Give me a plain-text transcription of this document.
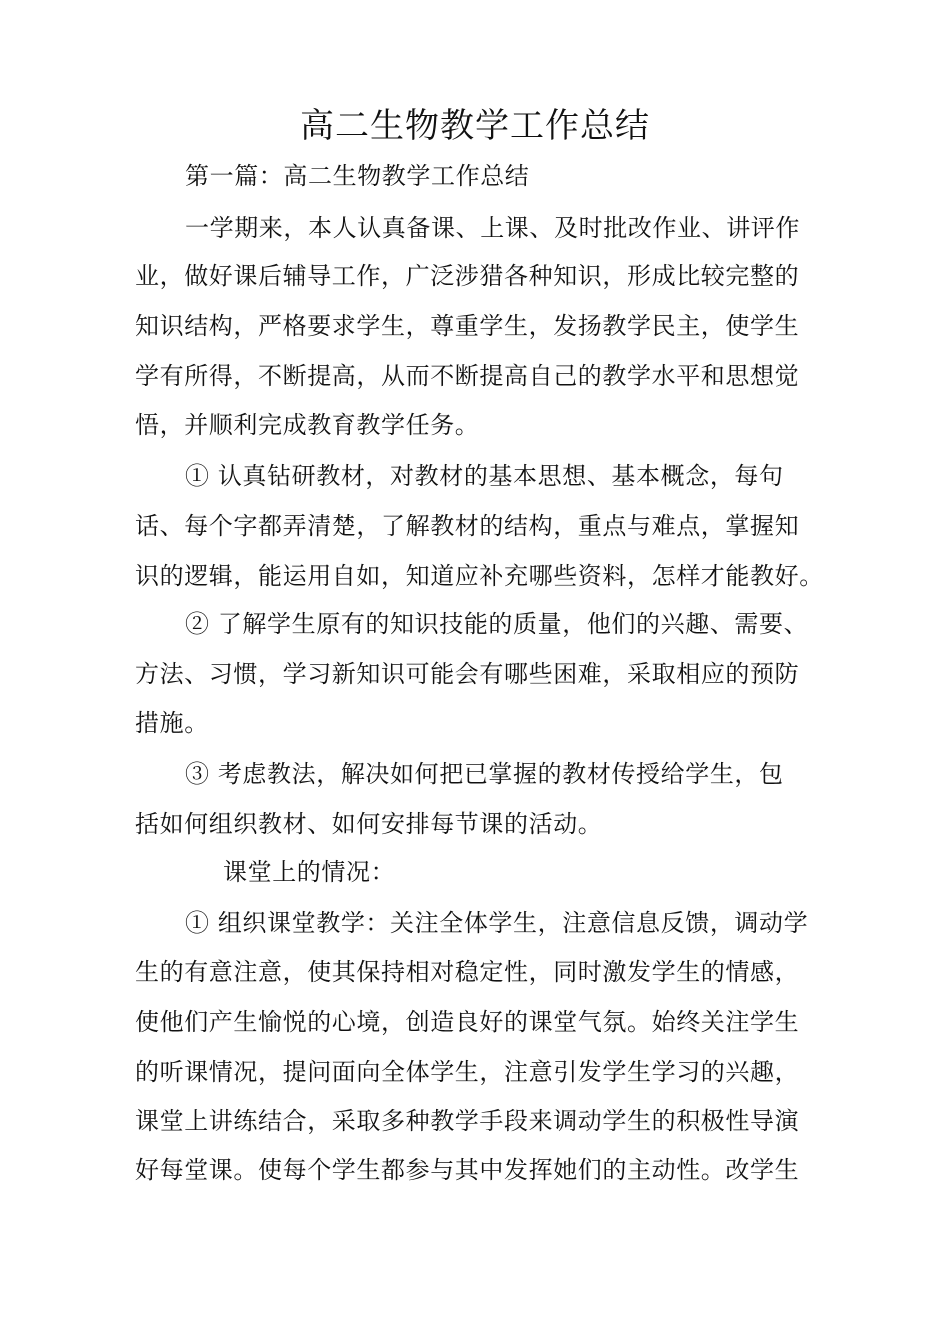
高二生物教学工作总结
第一篇：高二生物教学工作总结
一学期来，本人认真备课、上课、及时批改作业、讲评作
业，做好课后辅导工作，广泛涉猎各种知识，形成比较完整的
知识结构，严格要求学生，尊重学生，发扬教学民主，使学生
学有所得，不断提高，从而不断提高自己的教学水平和思想觉
悟，并顺利完成教育教学任务。
① 认真钻研教材，对教材的基本思想、基本概念，每句
话、每个字都弄清楚，了解教材的结构，重点与难点，掌握知
识的逻辑，能运用自如，知道应补充哪些资料，怎样才能教好。
② 了解学生原有的知识技能的质量，他们的兴趣、需要、
方法、习惯，学习新知识可能会有哪些困难，采取相应的预防
措施。
③ 考虑教法，解决如何把已掌握的教材传授给学生，包
括如何组织教材、如何安排每节课的活动。
课堂上的情况：
① 组织课堂教学：关注全体学生，注意信息反馈，调动学
生的有意注意，使其保持相对稳定性，同时激发学生的情感，
使他们产生愉悦的心境，创造良好的课堂气氛。始终关注学生
的听课情况，提问面向全体学生，注意引发学生学习的兴趣，
课堂上讲练结合，采取多种教学手段来调动学生的积极性导演
好每堂课。使每个学生都参与其中发挥她们的主动性。改学生
